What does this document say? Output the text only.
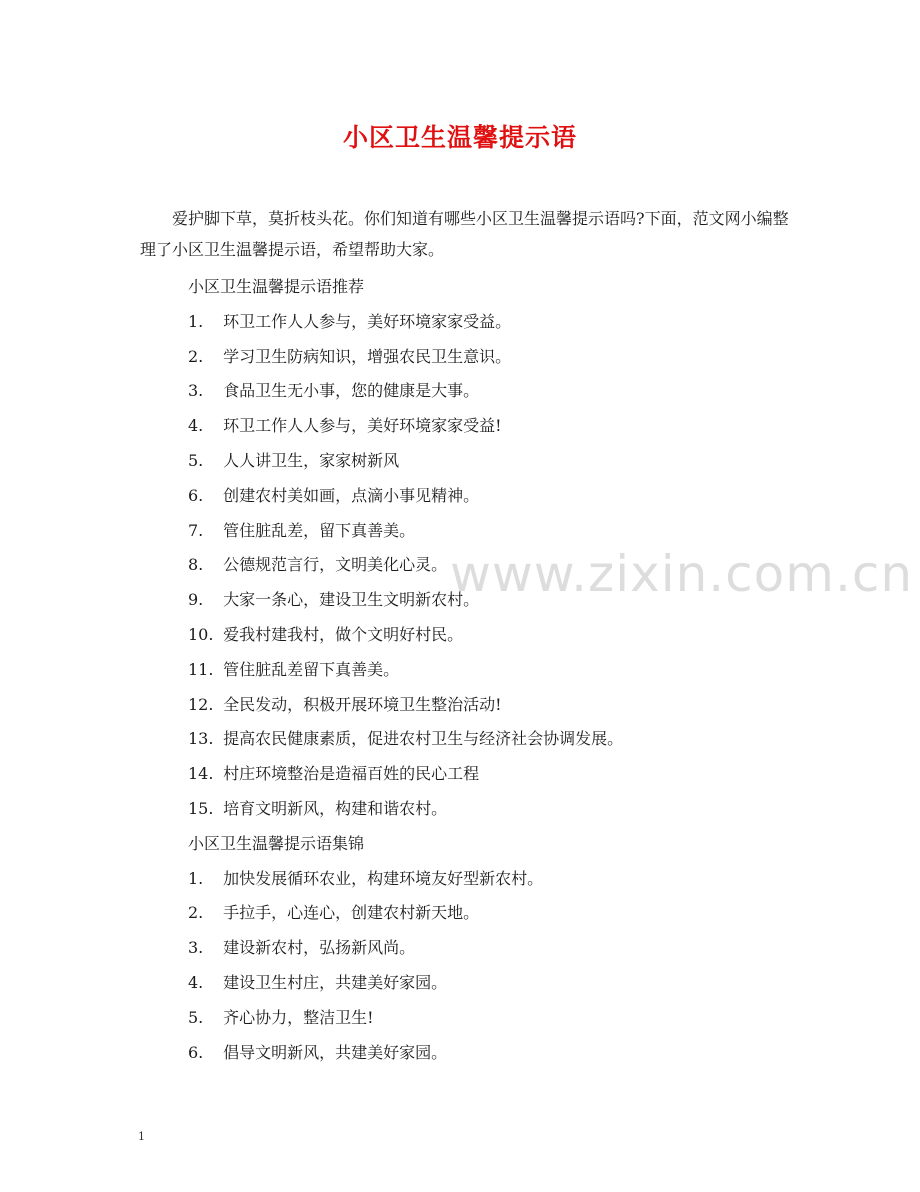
小区卫生温馨提示语
爱护脚下草，莫折枝头花。你们知道有哪些小区卫生温馨提示语吗?下面，范文网小编整理了小区卫生温馨提示语，希望帮助大家。
小区卫生温馨提示语推荐
1. 环卫工作人人参与，美好环境家家受益。
2. 学习卫生防病知识，增强农民卫生意识。
3. 食品卫生无小事，您的健康是大事。
4. 环卫工作人人参与，美好环境家家受益!
5. 人人讲卫生，家家树新风
6. 创建农村美如画，点滴小事见精神。
7. 管住脏乱差，留下真善美。
8. 公德规范言行，文明美化心灵。
9. 大家一条心，建设卫生文明新农村。
10. 爱我村建我村，做个文明好村民。
11. 管住脏乱差留下真善美。
12. 全民发动，积极开展环境卫生整治活动!
13. 提高农民健康素质，促进农村卫生与经济社会协调发展。
14. 村庄环境整治是造福百姓的民心工程
15. 培育文明新风，构建和谐农村。
小区卫生温馨提示语集锦
1. 加快发展循环农业，构建环境友好型新农村。
2. 手拉手，心连心，创建农村新天地。
3. 建设新农村，弘扬新风尚。
4. 建设卫生村庄，共建美好家园。
5. 齐心协力，整洁卫生!
6. 倡导文明新风，共建美好家园。
www.zixin.com.cn
1
